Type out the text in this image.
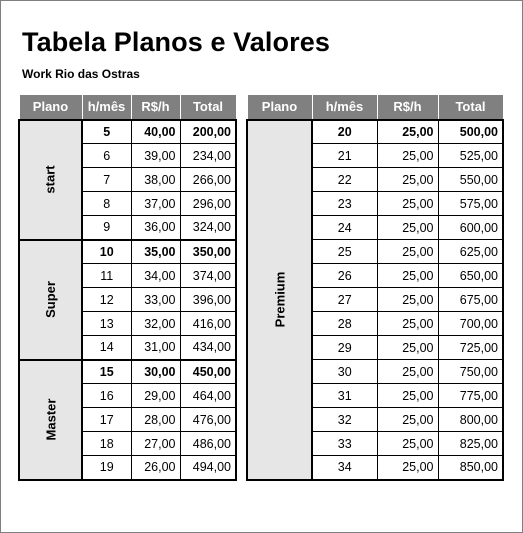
Tabela Planos e Valores
Work Rio das Ostras
Plano	h/mês	R$/h	Total
start	5	40,00	200,00
	6	39,00	234,00
	7	38,00	266,00
	8	37,00	296,00
	9	36,00	324,00
Super	10	35,00	350,00
	11	34,00	374,00
	12	33,00	396,00
	13	32,00	416,00
	14	31,00	434,00
Master	15	30,00	450,00
	16	29,00	464,00
	17	28,00	476,00
	18	27,00	486,00
	19	26,00	494,00
Plano	h/mês	R$/h	Total
Premium	20	25,00	500,00
	21	25,00	525,00
	22	25,00	550,00
	23	25,00	575,00
	24	25,00	600,00
	25	25,00	625,00
	26	25,00	650,00
	27	25,00	675,00
	28	25,00	700,00
	29	25,00	725,00
	30	25,00	750,00
	31	25,00	775,00
	32	25,00	800,00
	33	25,00	825,00
	34	25,00	850,00
